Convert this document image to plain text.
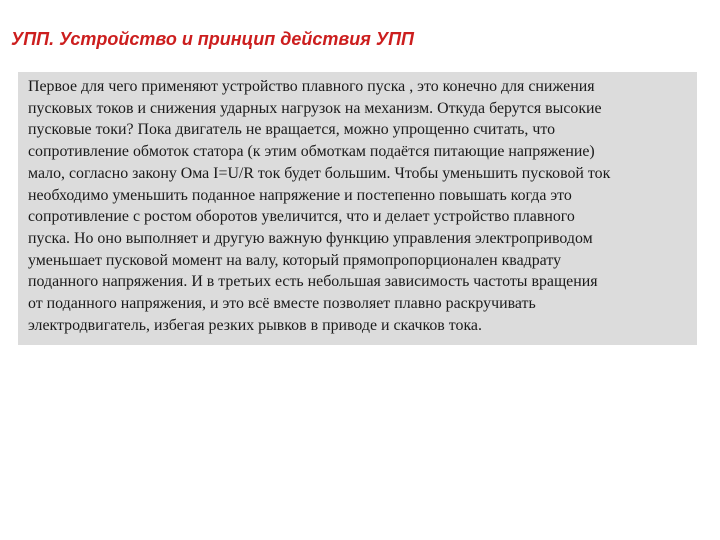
УПП. Устройство и принцип действия УПП
Первое для чего применяют устройство плавного пуска , это конечно для снижения
пусковых токов и снижения ударных нагрузок на механизм. Откуда берутся высокие
пусковые токи? Пока двигатель не вращается, можно упрощенно считать, что
сопротивление обмоток статора (к этим обмоткам подаётся питающие напряжение)
мало, согласно закону Ома I=U/R ток будет большим. Чтобы уменьшить пусковой ток
необходимо уменьшить поданное напряжение и постепенно повышать когда это
сопротивление с ростом оборотов увеличится, что и делает устройство плавного
пуска. Но оно выполняет и другую важную функцию управления электроприводом
уменьшает пусковой момент на валу, который прямопропорционален квадрату
поданного напряжения. И в третьих есть небольшая зависимость частоты вращения
от поданного напряжения, и это всё вместе позволяет плавно раскручивать
электродвигатель, избегая резких рывков в приводе и скачков тока.
